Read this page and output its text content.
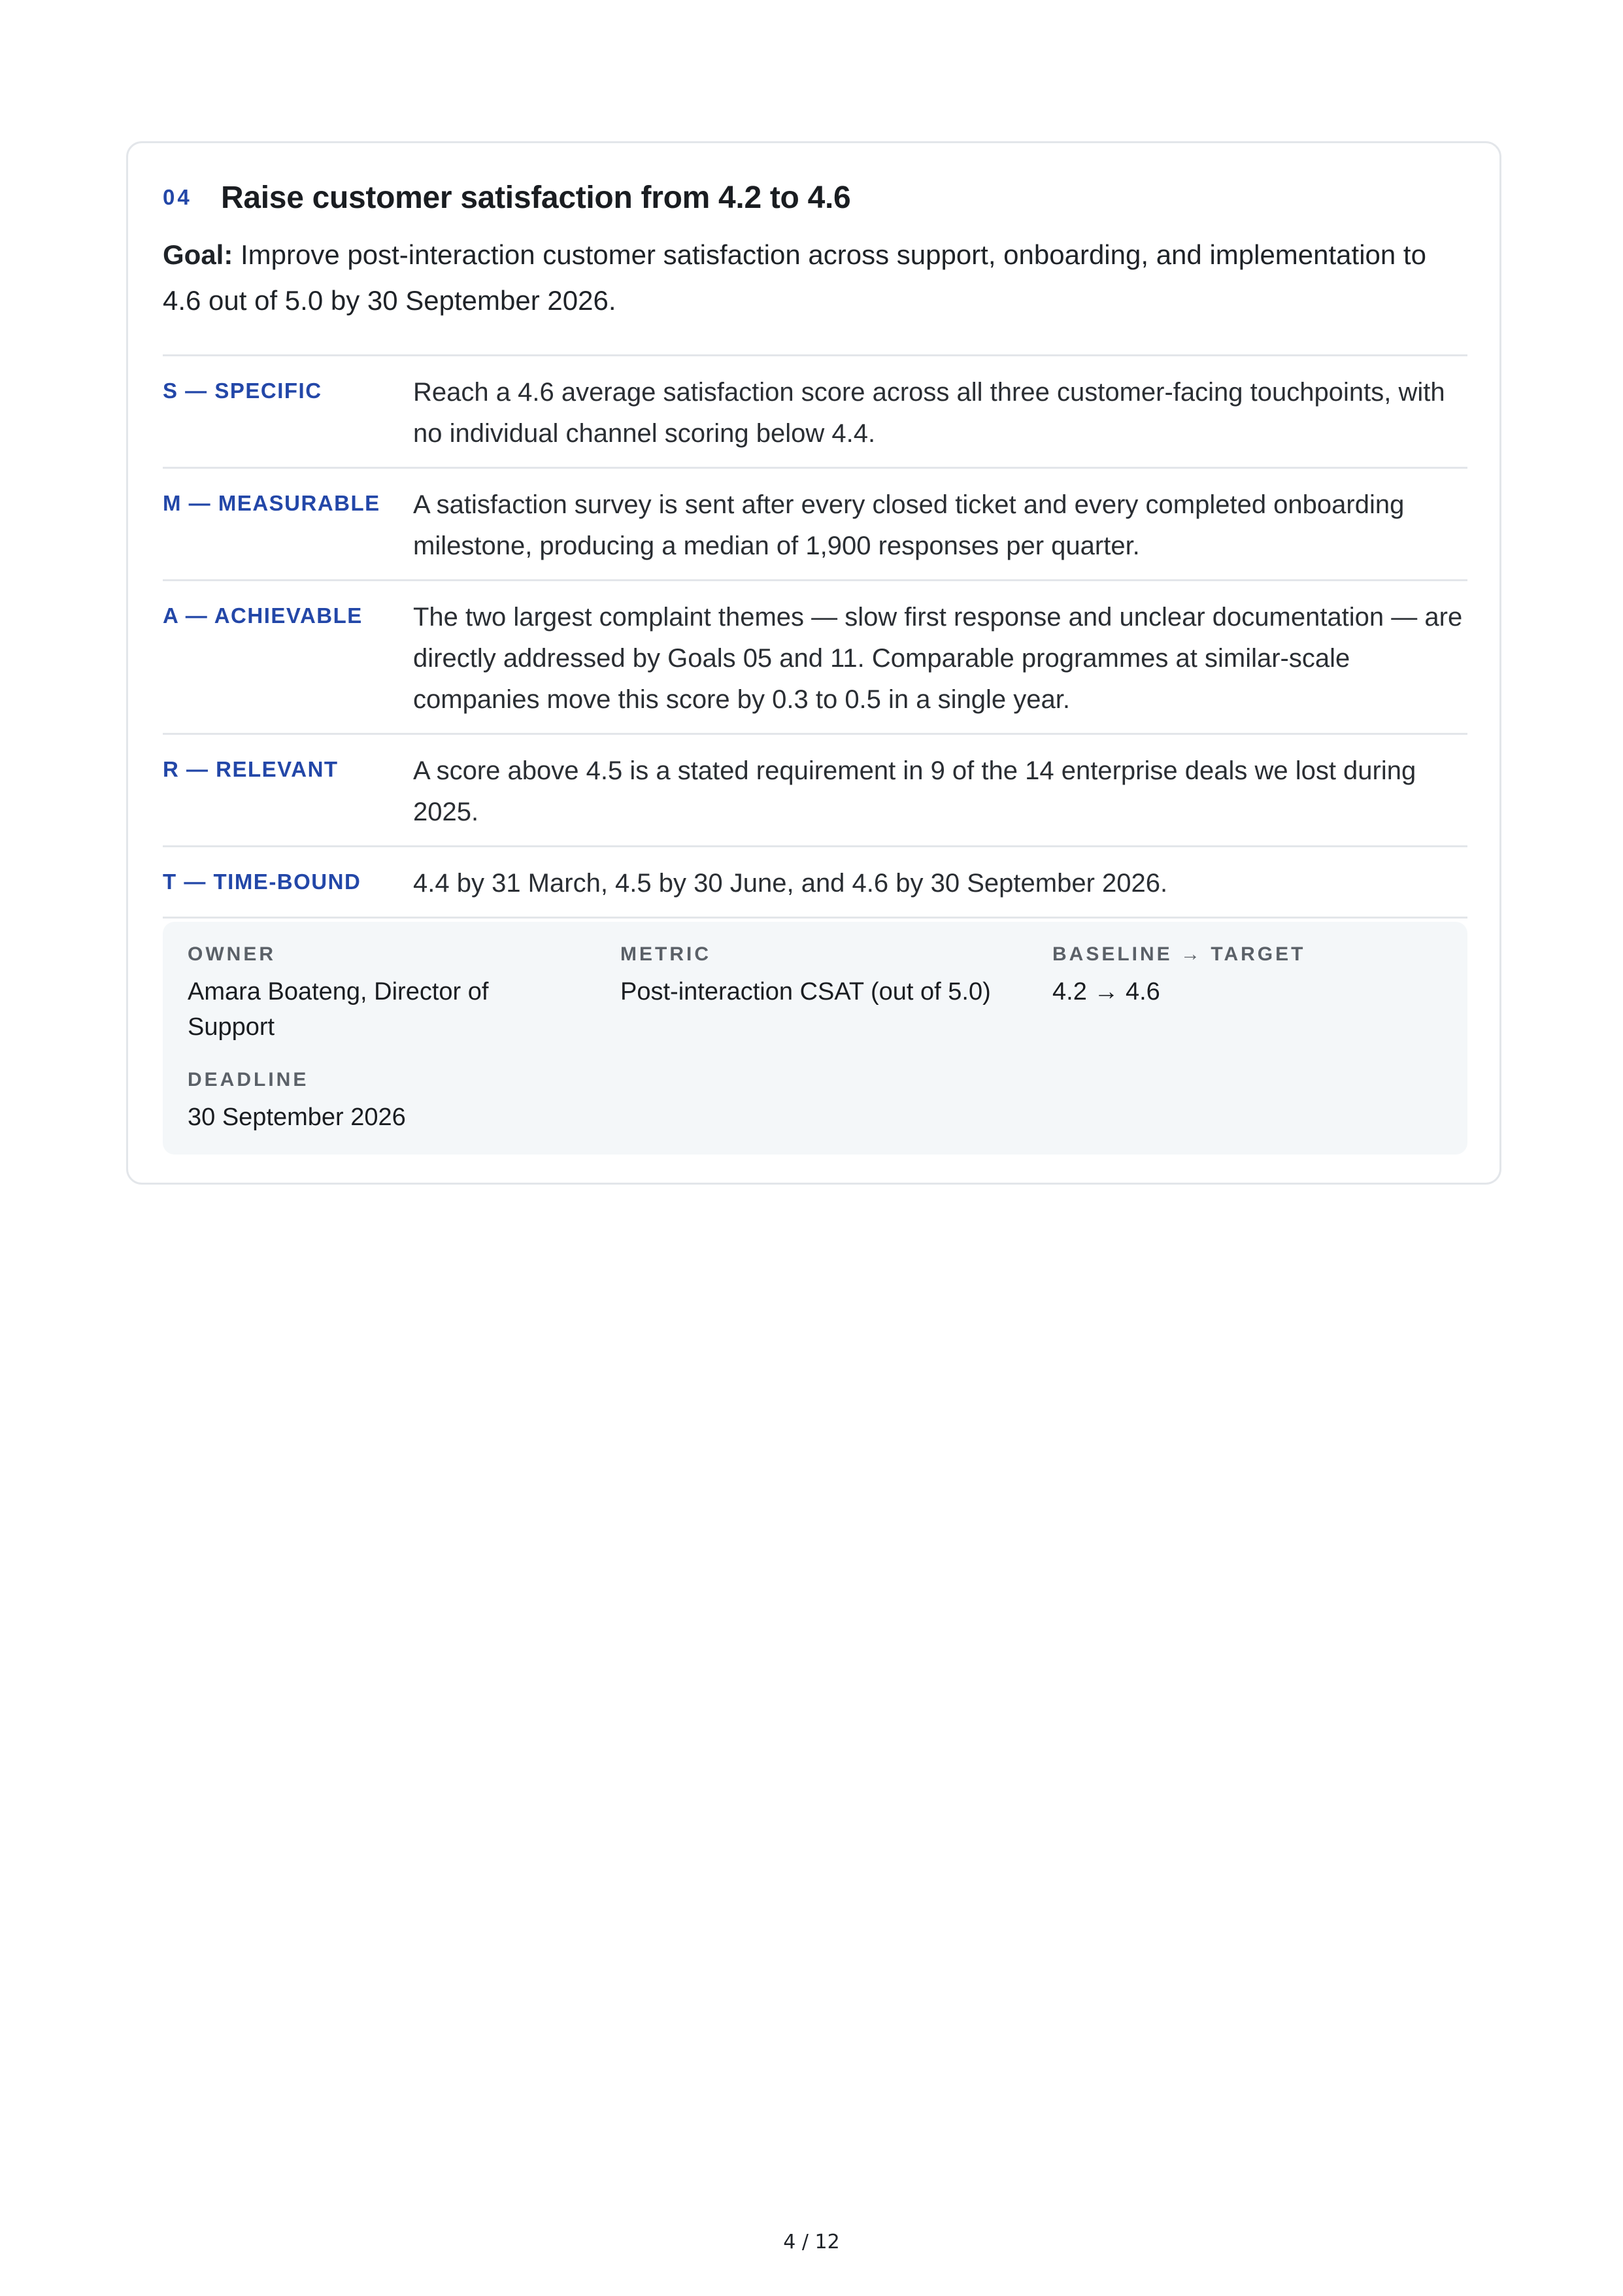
04 Raise customer satisfaction from 4.2 to 4.6
Goal: Improve post-interaction customer satisfaction across support, onboarding, and implementation to 4.6 out of 5.0 by 30 September 2026.
S — SPECIFIC	Reach a 4.6 average satisfaction score across all three customer-facing touchpoints, with no individual channel scoring below 4.4.
M — MEASURABLE	A satisfaction survey is sent after every closed ticket and every completed onboarding milestone, producing a median of 1,900 responses per quarter.
A — ACHIEVABLE	The two largest complaint themes — slow first response and unclear documentation — are directly addressed by Goals 05 and 11. Comparable programmes at similar-scale companies move this score by 0.3 to 0.5 in a single year.
R — RELEVANT	A score above 4.5 is a stated requirement in 9 of the 14 enterprise deals we lost during 2025.
T — TIME-BOUND	4.4 by 31 March, 4.5 by 30 June, and 4.6 by 30 September 2026.
OWNER
Amara Boateng, Director of Support
METRIC
Post-interaction CSAT (out of 5.0)
BASELINE → TARGET
4.2 → 4.6
DEADLINE
30 September 2026
4 / 12
